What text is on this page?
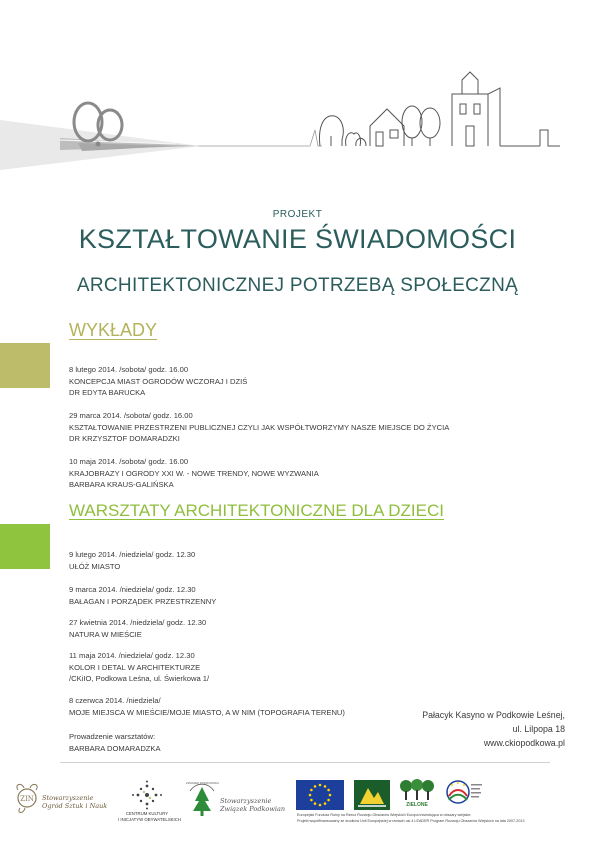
PROJEKT
KSZTAŁTOWANIE ŚWIADOMOŚCI
ARCHITEKTONICZNEJ POTRZEBĄ SPOŁECZNĄ
WYKŁADY
8 lutego 2014. /sobota/ godz. 16.00
KONCEPCJA MIAST OGRODÓW WCZORAJ I DZIŚ
DR EDYTA BARUCKA
29 marca 2014. /sobota/ godz. 16.00
KSZTAŁTOWANIE PRZESTRZENI PUBLICZNEJ CZYLI JAK WSPÓŁTWORZYMY NASZE MIEJSCE DO ŻYCIA
DR KRZYSZTOF DOMARADZKI
10 maja 2014. /sobota/ godz. 16.00
KRAJOBRAZY I OGRODY XXI W. - NOWE TRENDY, NOWE WYZWANIA
BARBARA KRAUS-GALIŃSKA
WARSZTATY ARCHITEKTONICZNE DLA DZIECI
9 lutego 2014. /niedziela/ godz. 12.30
UŁÓŻ MIASTO
9 marca 2014. /niedziela/ godz. 12.30
BAŁAGAN I PORZĄDEK PRZESTRZENNY
27 kwietnia 2014. /niedziela/ godz. 12.30
NATURA W MIEŚCIE
11 maja 2014. /niedziela/ godz. 12.30
KOLOR I DETAL W ARCHITEKTURZE
/CKiIO, Podkowa Leśna, ul. Świerkowa 1/
8 czerwca 2014. /niedziela/
MOJE MIEJSCA W MIEŚCIE/MOJE MIASTO, A W NIM (TOPOGRAFIA TERENU)
Prowadzenie warsztatów:
BARBARA DOMARADZKA
Pałacyk Kasyno w Podkowie Leśnej,
ul. Lilpopa 18
www.ckiopodkowa.pl
ZIN Stowarzyszenie
Ogród Sztuk i Nauk
CENTRUM KULTURY
I INICJATYW OBYWATELSKICH
ZWIĄZEK PODKOWIAN
Stowarzyszenie
Związek Podkowian	ZIELONE
Europejski Fundusz Rolny na Rzecz Rozwoju Obszarów Wiejskich Europa inwestująca w obszary wiejskie.
Projekt współfinansowany ze środków Unii Europejskiej w ramach osi 4 LEADER Program Rozwoju Obszarów Wiejskich na lata 2007-2013
